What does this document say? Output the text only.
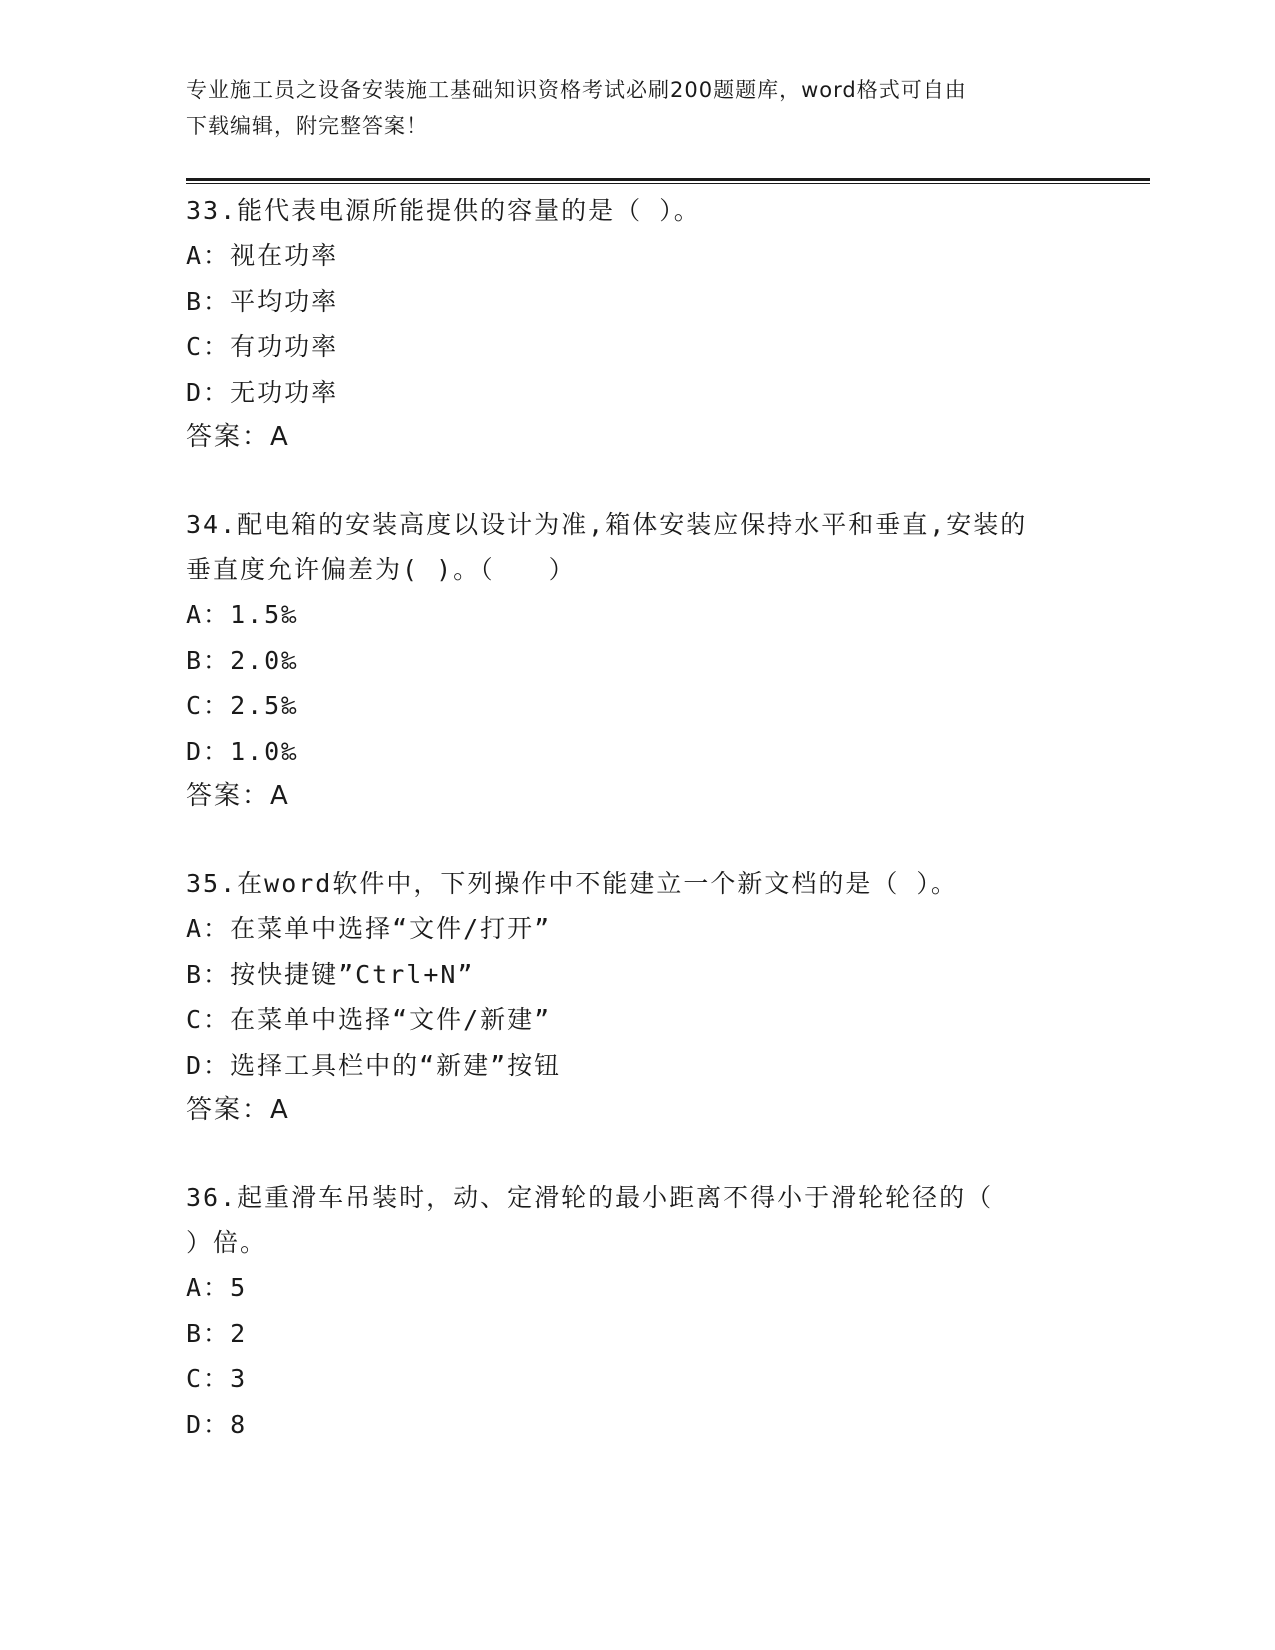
专业施工员之设备安装施工基础知识资格考试必刷200题题库，word格式可自由
下载编辑，附完整答案！
33.能代表电源所能提供的容量的是（ ）。
A：视在功率
B：平均功率
C：有功功率
D：无功功率
答案：A
34.配电箱的安装高度以设计为准,箱体安装应保持水平和垂直,安装的
垂直度允许偏差为( )。（　　）
A：1.5‰
B：2.0‰
C：2.5‰
D：1.0‰
答案：A
35.在word软件中，下列操作中不能建立一个新文档的是（ ）。
A：在菜单中选择“文件/打开”
B：按快捷键”Ctrl+N”
C：在菜单中选择“文件/新建”
D：选择工具栏中的“新建”按钮
答案：A
36.起重滑车吊装时，动、定滑轮的最小距离不得小于滑轮轮径的（
）倍。
A：5
B：2
C：3
D：8
